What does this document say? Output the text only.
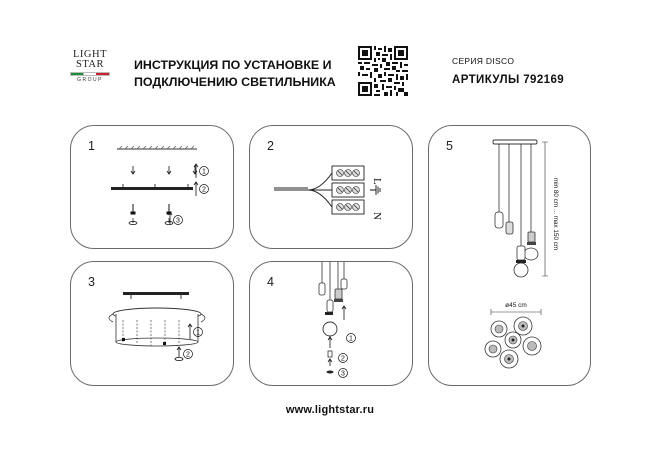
LIGHT
STAR
GROUP
ИНСТРУКЦИЯ ПО УСТАНОВКЕ И
ПОДКЛЮЧЕНИЮ СВЕТИЛЬНИКА
СЕРИЯ DISCO
АРТИКУЛЫ 792169
1
1
2
3
2
L
N
3
1
2
4
1
2
3
5
min 80 cm ... max 150 cm
ø45 cm
www.lightstar.ru
